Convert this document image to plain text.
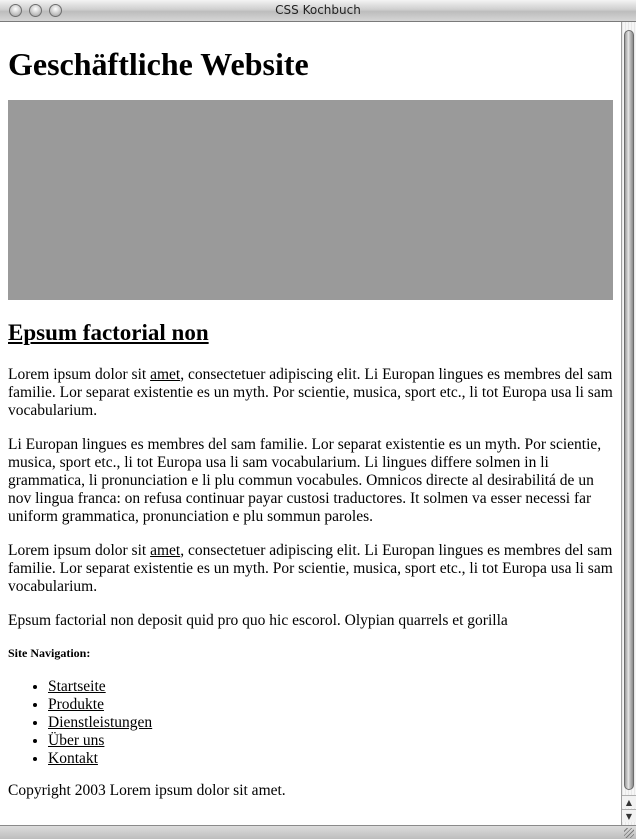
CSS Kochbuch
Geschäftliche Website
Epsum factorial non

Lorem ipsum dolor sit amet, consectetuer adipiscing elit. Li Europan lingues es membres del sam familie. Lor separat existentie es un myth. Por scientie, musica, sport etc., li tot Europa usa li sam vocabularium.

Li Europan lingues es membres del sam familie. Lor separat existentie es un myth. Por scientie, musica, sport etc., li tot Europa usa li sam vocabularium. Li lingues differe solmen in li grammatica, li pronunciation e li plu commun vocabules. Omnicos directe al desirabilitá de un nov lingua franca: on refusa continuar payar custosi traductores. It solmen va esser necessi far uniform grammatica, pronunciation e plu sommun paroles.

Lorem ipsum dolor sit amet, consectetuer adipiscing elit. Li Europan lingues es membres del sam familie. Lor separat existentie es un myth. Por scientie, musica, sport etc., li tot Europa usa li sam vocabularium.

Epsum factorial non deposit quid pro quo hic escorol. Olypian quarrels et gorilla

Site Navigation:
• Startseite
• Produkte
• Dienstleistungen
• Über uns
• Kontakt

Copyright 2003 Lorem ipsum dolor sit amet.

▲
▼
